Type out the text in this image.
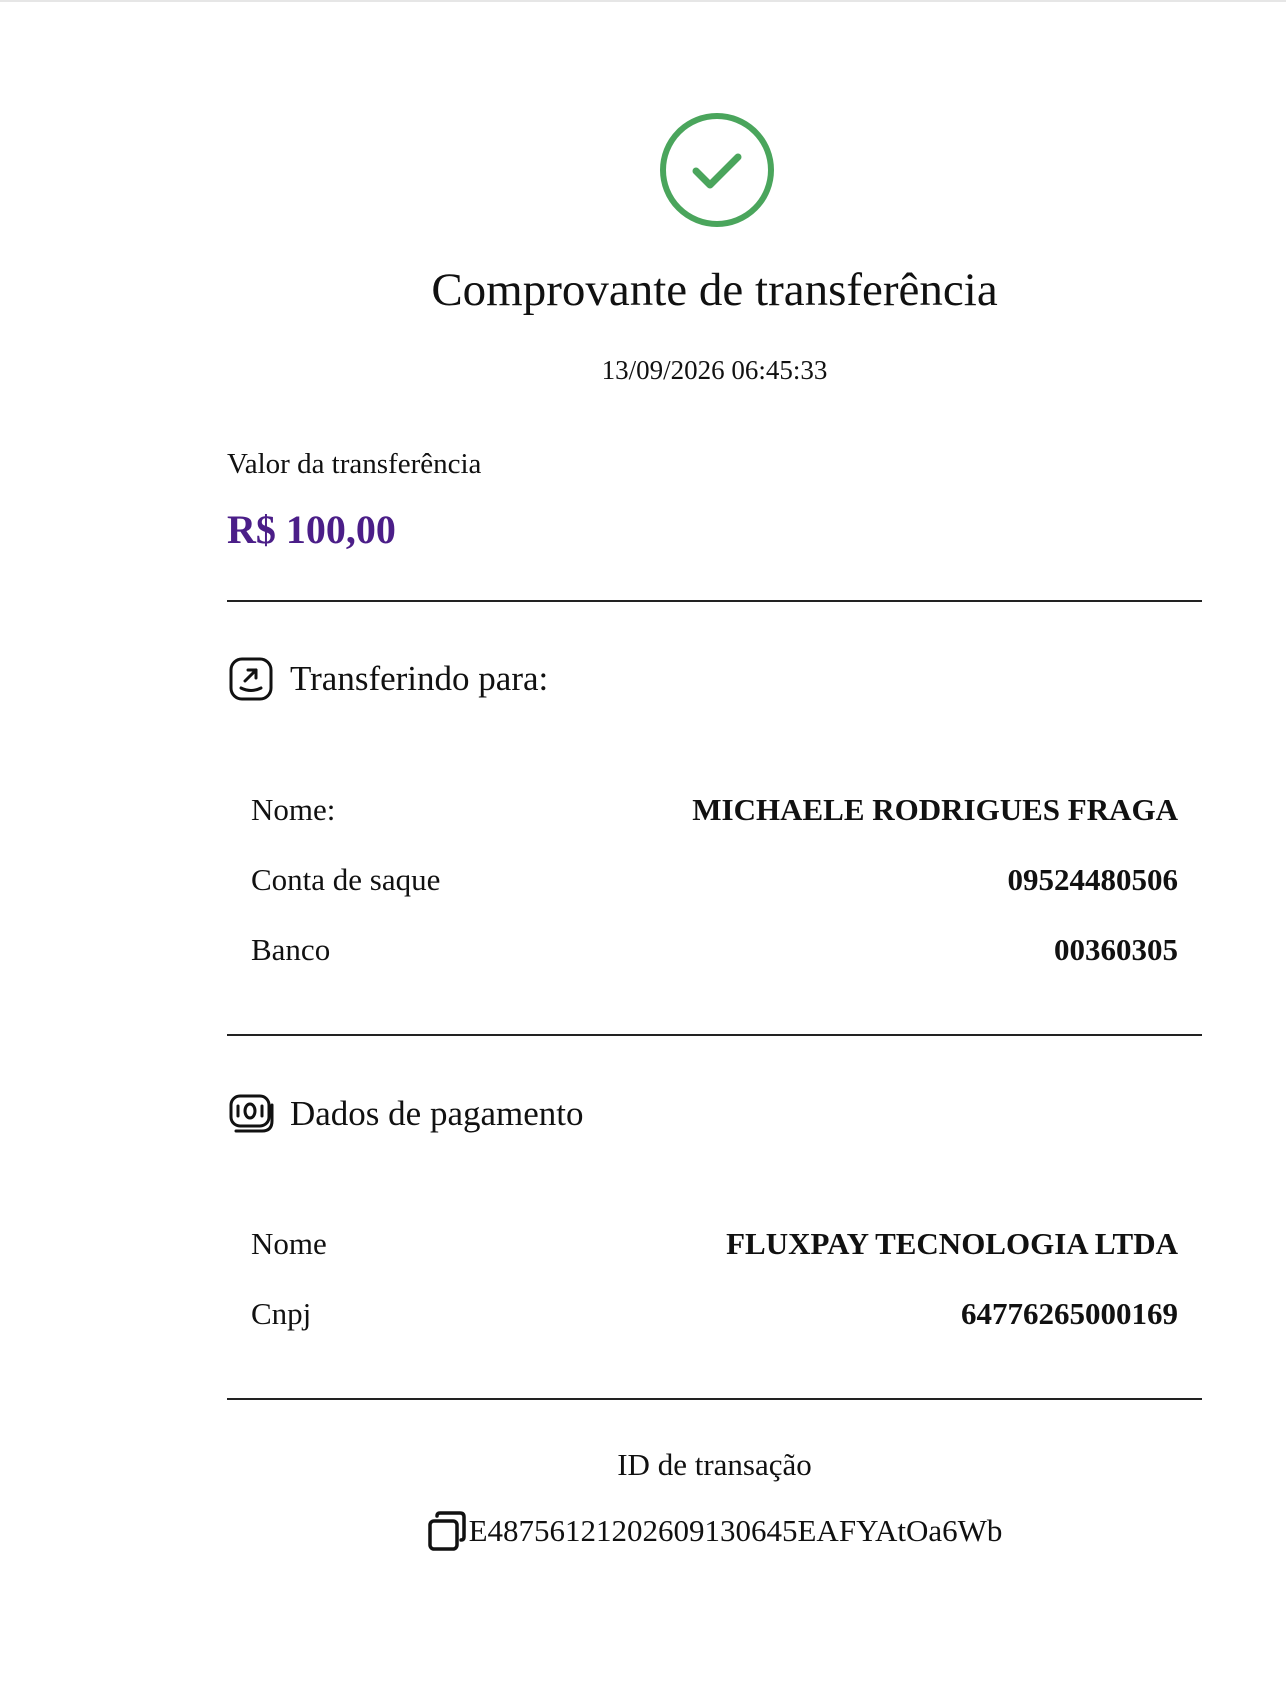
Comprovante de transferência
13/09/2026 06:45:33
Valor da transferência
R$ 100,00
Transferindo para:
Nome:	MICHAELE RODRIGUES FRAGA
Conta de saque	09524480506
Banco	00360305
Dados de pagamento
Nome	FLUXPAY TECNOLOGIA LTDA
Cnpj	64776265000169
ID de transação
E48756121202609130645EAFYAtOa6Wb
